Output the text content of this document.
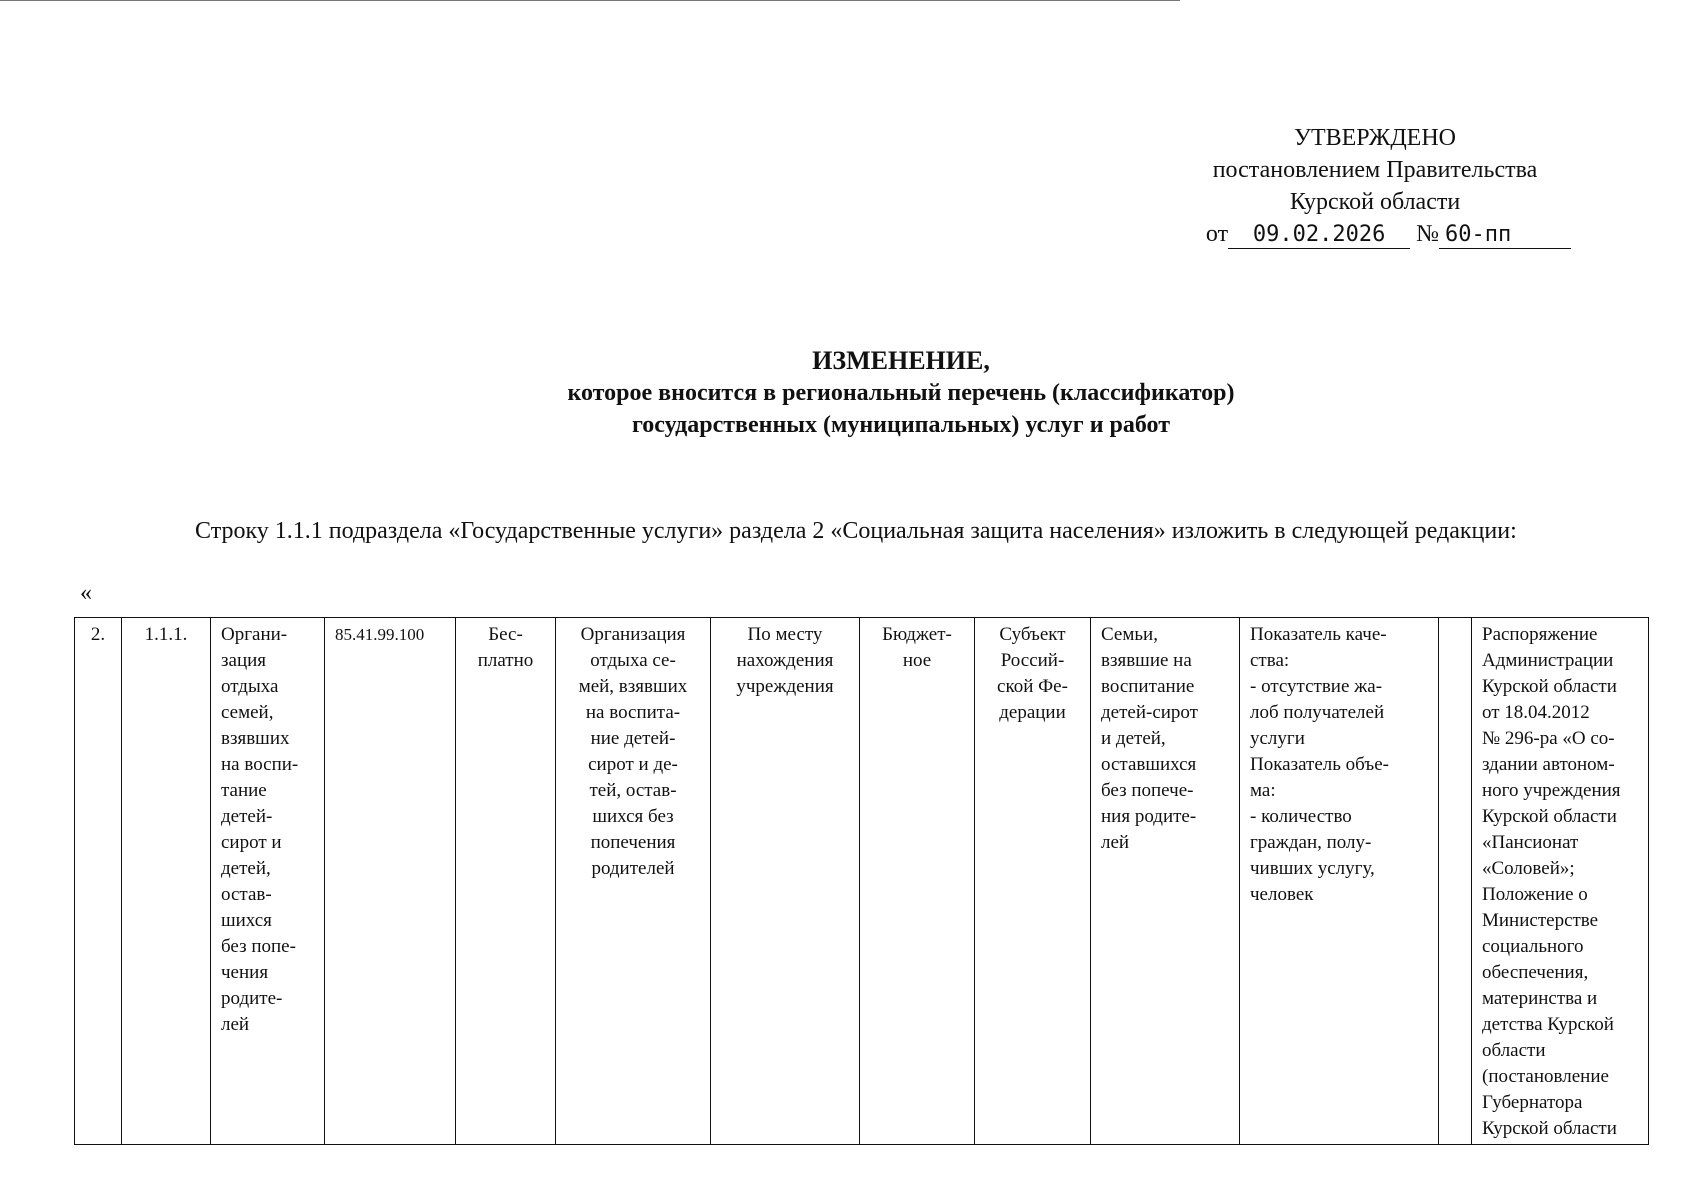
УТВЕРЖДЕНО
постановлением Правительства
Курской области
от 09.02.2026 № 60-пп
ИЗМЕНЕНИЕ,
которое вносится в региональный перечень (классификатор)
государственных (муниципальных) услуг и работ
Строку 1.1.1 подраздела «Государственные услуги» раздела 2 «Социальная защита населения» изложить в следующей редакции:
«
2.	1.1.1.	Органи-
зация
отдыха
семей,
взявших
на воспи-
тание
детей-
сирот и
детей,
остав-
шихся
без попе-
чения
родите-
лей	85.41.99.100	Бес-
платно	Организация
отдыха се-
мей, взявших
на воспита-
ние детей-
сирот и де-
тей, остав-
шихся без
попечения
родителей	По месту
нахождения
учреждения	Бюджет-
ное	Субъект
Россий-
ской Фе-
дерации	Семьи,
взявшие на
воспитание
детей-сирот
и детей,
оставшихся
без попече-
ния родите-
лей	Показатель каче-
ства:
- отсутствие жа-
лоб получателей
услуги
Показатель объе-
ма:
- количество
граждан, полу-
чивших услугу,
человек		Распоряжение
Администрации
Курской области
от 18.04.2012
№ 296-ра «О со-
здании автоном-
ного учреждения
Курской области
«Пансионат
«Соловей»;
Положение о
Министерстве
социального
обеспечения,
материнства и
детства Курской
области
(постановление
Губернатора
Курской области
